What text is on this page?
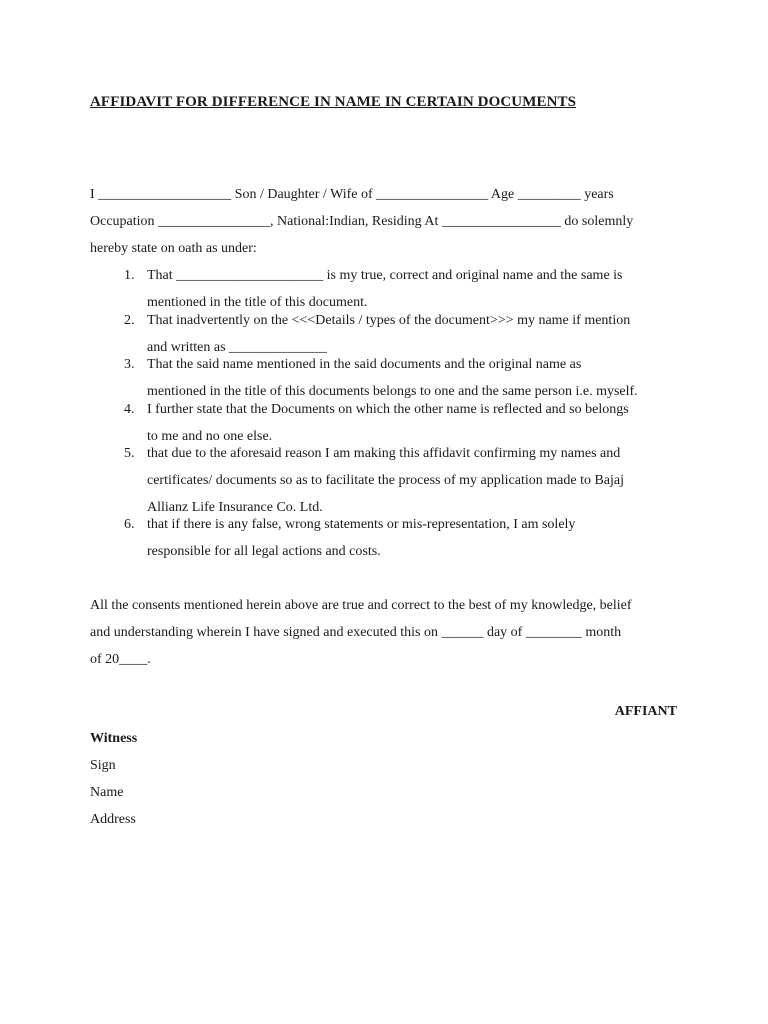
AFFIDAVIT FOR DIFFERENCE IN NAME IN CERTAIN DOCUMENTS
I ___________________ Son / Daughter / Wife of ________________ Age _________ years
Occupation ________________, National:Indian, Residing At _________________ do solemnly
hereby state on oath as under:
1. That _____________________ is my true, correct and original name and the same is
mentioned in the title of this document.
2. That inadvertently on the <<<Details / types of the document>>> my name if mention
and written as ______________
3. That the said name mentioned in the said documents and the original name as
mentioned in the title of this documents belongs to one and the same person i.e. myself.
4. I further state that the Documents on which the other name is reflected and so belongs
to me and no one else.
5. that due to the aforesaid reason I am making this affidavit confirming my names and
certificates/ documents so as to facilitate the process of my application made to Bajaj
Allianz Life Insurance Co. Ltd.
6. that if there is any false, wrong statements or mis-representation, I am solely
responsible for all legal actions and costs.
All the consents mentioned herein above are true and correct to the best of my knowledge, belief
and understanding wherein I have signed and executed this on ______ day of ________ month
of 20____.
AFFIANT
Witness
Sign
Name
Address
